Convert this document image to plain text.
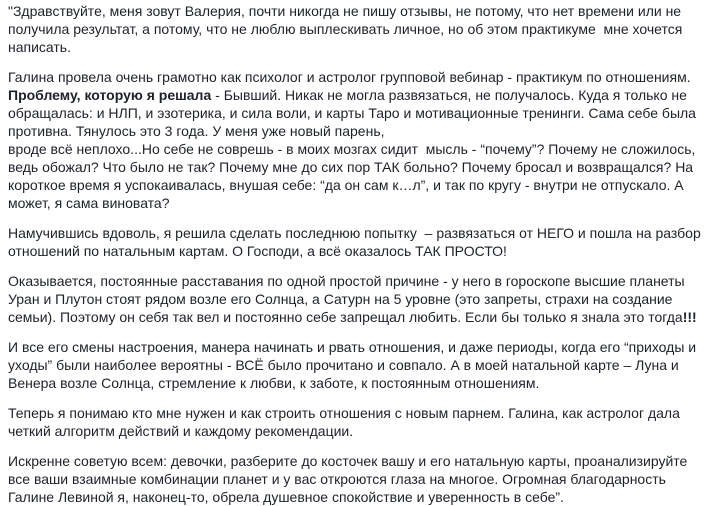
"Здравствуйте, меня зовут Валерия, почти никогда не пишу отзывы, не потому, что нет времени или не
получила результат, а потому, что не люблю выплескивать личное, но об этом практикуме  мне хочется
написать.
Галина провела очень грамотно как психолог и астролог групповой вебинар - практикум по отношениям.
Проблему, которую я решала - Бывший. Никак не могла развязаться, не получалось. Куда я только не
обращалась: и НЛП, и эзотерика, и сила воли, и карты Таро и мотивационные тренинги. Сама себе была
противна. Тянулось это 3 года. У меня уже новый парень,
вроде всё неплохо...Но себе не соврешь - в моих мозгах сидит  мысль - “почему”? Почему не сложилось,
ведь обожал? Что было не так? Почему мне до сих пор ТАК больно? Почему бросал и возвращался? На
короткое время я успокаивалась, внушая себе: “да он сам к…л”, и так по кругу - внутри не отпускало. А
может, я сама виновата?
Намучившись вдоволь, я решила сделать последнюю попытку  – развязаться от НЕГО и пошла на разбор
отношений по натальным картам. О Господи, а всё оказалось ТАК ПРОСТО!
Оказывается, постоянные расставания по одной простой причине - у него в гороскопе высшие планеты
Уран и Плутон стоят рядом возле его Солнца, а Сатурн на 5 уровне (это запреты, страхи на создание
семьи). Поэтому он себя так вел и постоянно себе запрещал любить. Если бы только я знала это тогда!!!
И все его смены настроения, манера начинать и рвать отношения, и даже периоды, когда его “приходы и
уходы” были наиболее вероятны - ВСЁ было прочитано и совпало. А в моей натальной карте – Луна и
Венера возле Солнца, стремление к любви, к заботе, к постоянным отношениям.
Теперь я понимаю кто мне нужен и как строить отношения с новым парнем. Галина, как астролог дала
четкий алгоритм действий и каждому рекомендации.
Искренне советую всем: девочки, разберите до косточек вашу и его натальную карты, проанализируйте
все ваши взаимные комбинации планет и у вас откроются глаза на многое. Огромная благодарность
Галине Левиной я, наконец-то, обрела душевное спокойствие и уверенность в себе”.
